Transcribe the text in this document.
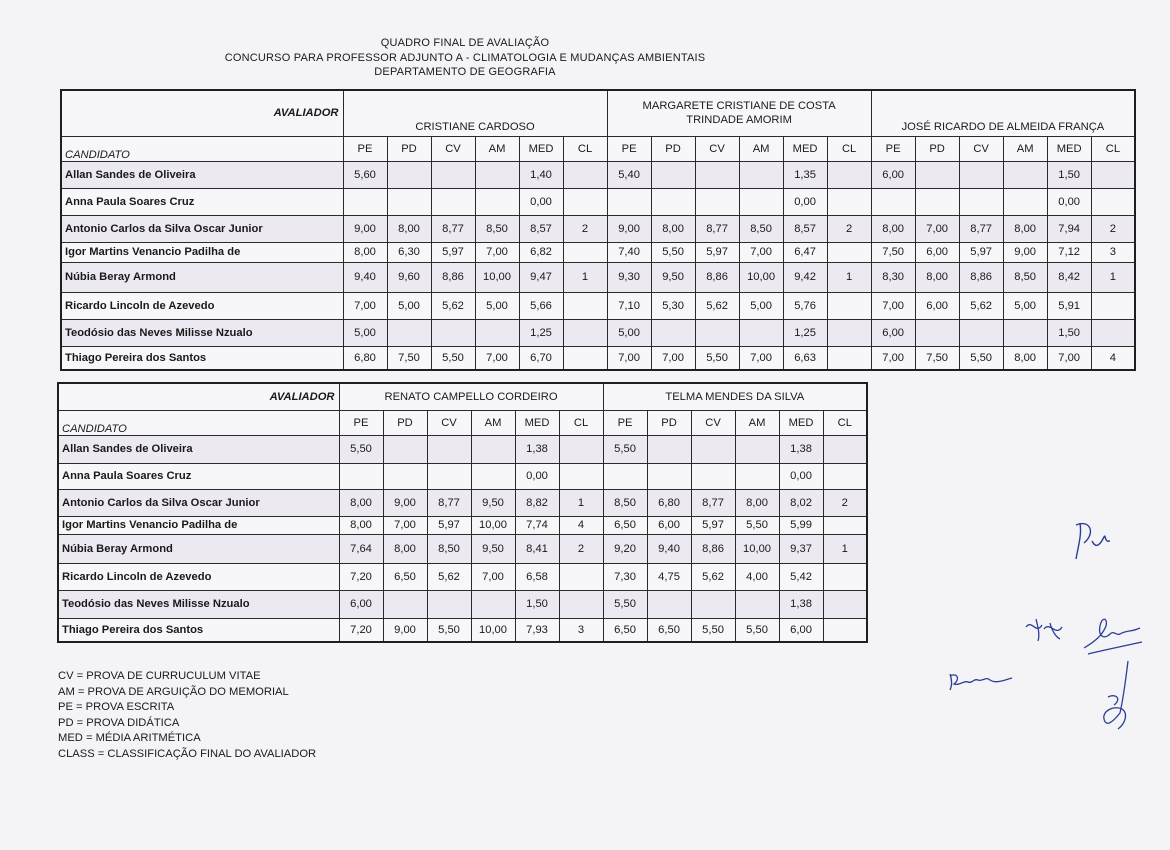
QUADRO FINAL DE AVALIAÇÃO
CONCURSO PARA PROFESSOR ADJUNTO A - CLIMATOLOGIA E MUDANÇAS AMBIENTAIS
DEPARTAMENTO DE GEOGRAFIA
AVALIADOR	CRISTIANE CARDOSO						MARGARETE CRISTIANE DE COSTA
TRINDADE AMORIM						JOSÉ RICARDO DE ALMEIDA FRANÇA					

CANDIDATO	PE	PD	CV	AM	MED	CL	PE	PD	CV	AM	MED	CL	PE	PD	CV	AM	MED	CL
Allan Sandes de Oliveira	5,60				1,40		5,40				1,35		6,00				1,50	
Anna Paula Soares Cruz					0,00						0,00						0,00	
Antonio Carlos da Silva Oscar Junior	9,00	8,00	8,77	8,50	8,57	2	9,00	8,00	8,77	8,50	8,57	2	8,00	7,00	8,77	8,00	7,94	2
Igor Martins Venancio Padilha de	8,00	6,30	5,97	7,00	6,82		7,40	5,50	5,97	7,00	6,47		7,50	6,00	5,97	9,00	7,12	3
Núbia Beray Armond	9,40	9,60	8,86	10,00	9,47	1	9,30	9,50	8,86	10,00	9,42	1	8,30	8,00	8,86	8,50	8,42	1
Ricardo Lincoln de Azevedo	7,00	5,00	5,62	5,00	5,66		7,10	5,30	5,62	5,00	5,76		7,00	6,00	5,62	5,00	5,91	
Teodósio das Neves Milisse Nzualo	5,00				1,25		5,00				1,25		6,00				1,50	
Thiago Pereira dos Santos	6,80	7,50	5,50	7,00	6,70		7,00	7,00	5,50	7,00	6,63		7,00	7,50	5,50	8,00	7,00	4
AVALIADOR	RENATO CAMPELLO CORDEIRO						TELMA MENDES DA SILVA					

CANDIDATO	PE	PD	CV	AM	MED	CL	PE	PD	CV	AM	MED	CL
Allan Sandes de Oliveira	5,50				1,38		5,50				1,38	
Anna Paula Soares Cruz					0,00						0,00	
Antonio Carlos da Silva Oscar Junior	8,00	9,00	8,77	9,50	8,82	1	8,50	6,80	8,77	8,00	8,02	2
Igor Martins Venancio Padilha de	8,00	7,00	5,97	10,00	7,74	4	6,50	6,00	5,97	5,50	5,99	
Núbia Beray Armond	7,64	8,00	8,50	9,50	8,41	2	9,20	9,40	8,86	10,00	9,37	1
Ricardo Lincoln de Azevedo	7,20	6,50	5,62	7,00	6,58		7,30	4,75	5,62	4,00	5,42	
Teodósio das Neves Milisse Nzualo	6,00				1,50		5,50				1,38	
Thiago Pereira dos Santos	7,20	9,00	5,50	10,00	7,93	3	6,50	6,50	5,50	5,50	6,00	
CV = PROVA DE CURRUCULUM VITAE
AM = PROVA DE ARGUIÇÃO DO MEMORIAL
PE = PROVA ESCRITA
PD = PROVA DIDÁTICA
MED = MÉDIA ARITMÉTICA
CLASS = CLASSIFICAÇÃO FINAL DO AVALIADOR
